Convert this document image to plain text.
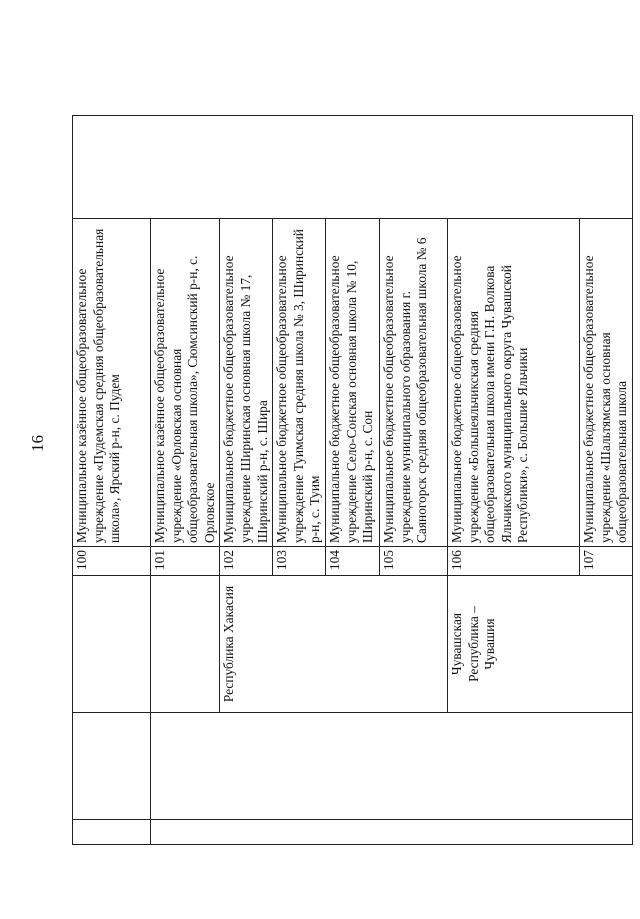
16
			100	Муниципальное казённое общеобразовательное учреждение «Пудемская средняя общеобразовательная школа», Ярский р-н, с. Пудем	
			101	Муниципальное казённое общеобразовательное учреждение «Орловская основная общеобразовательная школа», Сюмсинский р-н, с. Орловское	
		Республика Хакасия	102	Муниципальное бюджетное общеобразовательное учреждение Ширинская основная школа № 17, Ширинский р-н, с. Шира	
			103	Муниципальное бюджетное общеобразовательное учреждение Туимская средняя школа № 3, Ширинский р-н, с. Туим	
			104	Муниципальное бюджетное общеобразовательное учреждение Село-Сонская основная школа № 10, Ширинский р-н, с. Сон	
			105	Муниципальное бюджетное общеобразовательное учреждение муниципального образования г. Саяногорск средняя общеобразовательная школа № 6	
		Чувашская Республика – Чувашия	106	Муниципальное бюджетное общеобразовательное учреждение «Большеяльчикская средняя общеобразовательная школа имени Г.Н. Волкова Яльчикского муниципального округа Чувашской Республики», с. Большие Яльчики	
			107	Муниципальное бюджетное общеобразовательное учреждение «Шальтямская основная общеобразовательная школа	
